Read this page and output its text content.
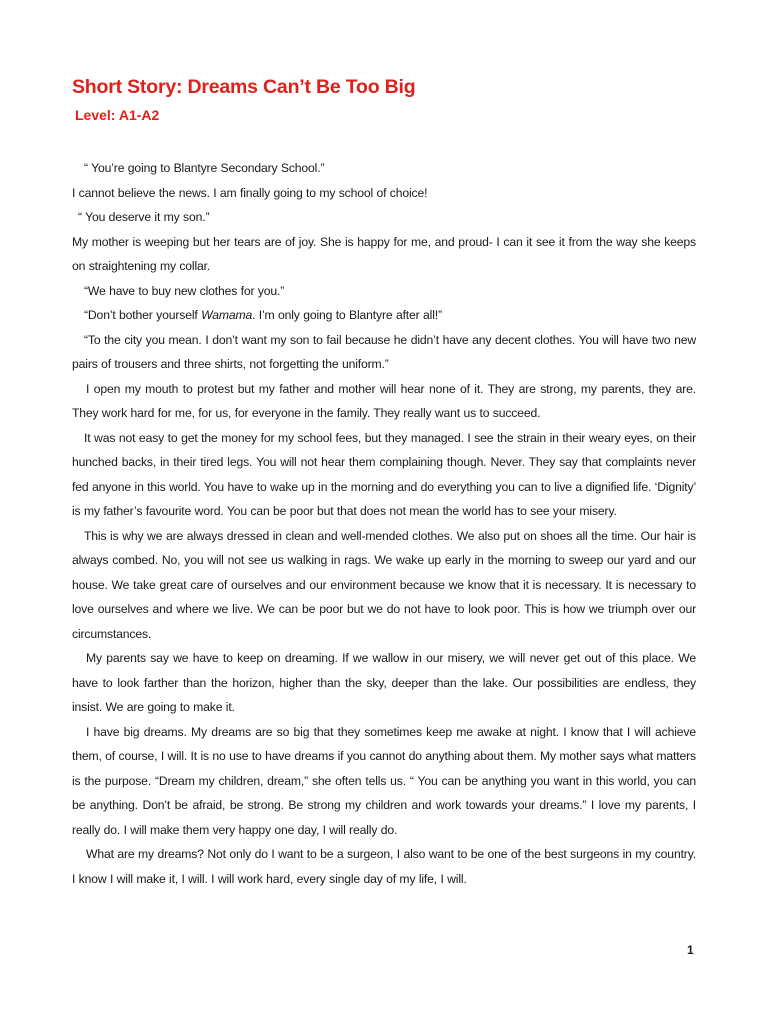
Short Story: Dreams Can’t Be Too Big
Level: A1-A2

“ You’re going to Blantyre Secondary School.”

I cannot believe the news. I am finally going to my school of choice!

“ You deserve it my son.”

My mother is weeping but her tears are of joy. She is happy for me, and proud- I can it see it from the way she keeps on straightening my collar.

“We have to buy new clothes for you.”

“Don’t bother yourself Wamama. I’m only going to Blantyre after all!”

“To the city you mean. I don’t want my son to fail because he didn’t have any decent clothes. You will have two new pairs of trousers and three shirts, not forgetting the uniform.”

I open my mouth to protest but my father and mother will hear none of it. They are strong, my parents, they are. They work hard for me, for us, for everyone in the family. They really want us to succeed.

It was not easy to get the money for my school fees, but they managed. I see the strain in their weary eyes, on their hunched backs, in their tired legs. You will not hear them complaining though. Never. They say that complaints never fed anyone in this world. You have to wake up in the morning and do everything you can to live a dignified life. ‘Dignity’ is my father’s favourite word. You can be poor but that does not mean the world has to see your misery.

This is why we are always dressed in clean and well-mended clothes. We also put on shoes all the time. Our hair is always combed. No, you will not see us walking in rags. We wake up early in the morning to sweep our yard and our house. We take great care of ourselves and our environment because we know that it is necessary. It is necessary to love ourselves and where we live. We can be poor but we do not have to look poor. This is how we triumph over our circumstances.

My parents say we have to keep on dreaming. If we wallow in our misery, we will never get out of this place. We have to look farther than the horizon, higher than the sky, deeper than the lake. Our possibilities are endless, they insist. We are going to make it.

I have big dreams. My dreams are so big that they sometimes keep me awake at night. I know that I will achieve them, of course, I will. It is no use to have dreams if you cannot do anything about them. My mother says what matters is the purpose. “Dream my children, dream,” she often tells us. “ You can be anything you want in this world, you can be anything. Don’t be afraid, be strong. Be strong my children and work towards your dreams.” I love my parents, I really do. I will make them very happy one day, I will really do.

What are my dreams? Not only do I want to be a surgeon, I also want to be one of the best surgeons in my country. I know I will make it, I will. I will work hard, every single day of my life, I will.

1
